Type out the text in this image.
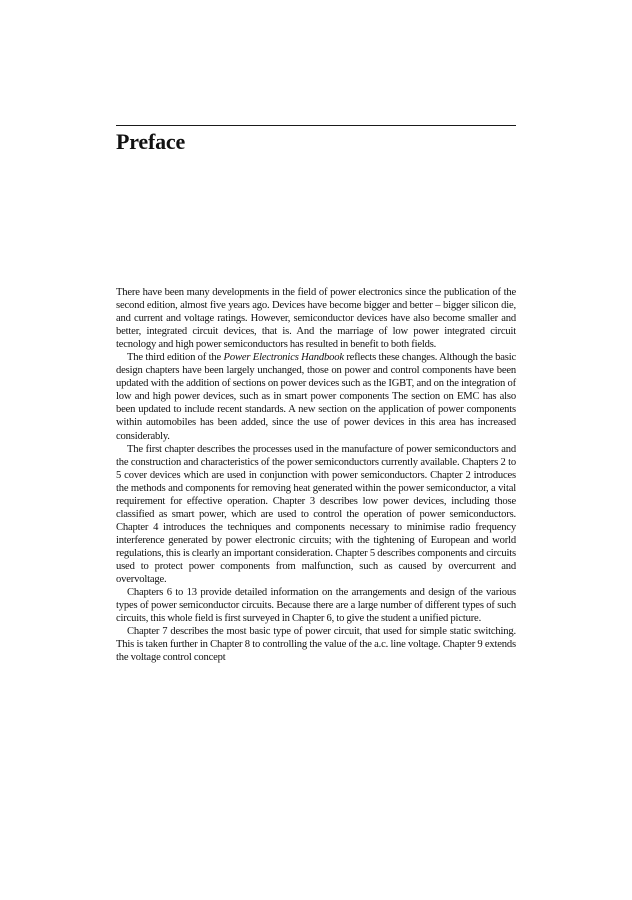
Preface

There have been many developments in the field of power electronics since the publication of the second edition, almost five years ago. Devices have become bigger and better – bigger silicon die, and current and voltage ratings. However, semiconductor devices have also become smaller and better, integrated circuit devices, that is. And the marriage of low power integrated circuit tecnology and high power semiconductors has resulted in benefit to both fields.

The third edition of the Power Electronics Handbook reflects these changes. Although the basic design chapters have been largely unchanged, those on power and control components have been updated with the addition of sections on power devices such as the IGBT, and on the integration of low and high power devices, such as in smart power components The section on EMC has also been updated to include recent standards. A new section on the application of power components within automobiles has been added, since the use of power devices in this area has increased considerably.

The first chapter describes the processes used in the manufacture of power semiconductors and the construction and characteristics of the power semiconductors currently available. Chapters 2 to 5 cover devices which are used in conjunction with power semiconductors. Chapter 2 introduces the methods and components for removing heat generated within the power semiconductor, a vital requirement for effective operation. Chapter 3 describes low power devices, including those classified as smart power, which are used to control the operation of power semiconductors. Chapter 4 introduces the techniques and components necessary to minimise radio frequency interference generated by power electronic circuits; with the tightening of European and world regulations, this is clearly an important consideration. Chapter 5 describes components and circuits used to protect power components from malfunction, such as caused by overcurrent and overvoltage.

Chapters 6 to 13 provide detailed information on the arrangements and design of the various types of power semiconductor circuits. Because there are a large number of different types of such circuits, this whole field is first surveyed in Chapter 6, to give the student a unified picture.

Chapter 7 describes the most basic type of power circuit, that used for simple static switching. This is taken further in Chapter 8 to controlling the value of the a.c. line voltage. Chapter 9 extends the voltage control concept
